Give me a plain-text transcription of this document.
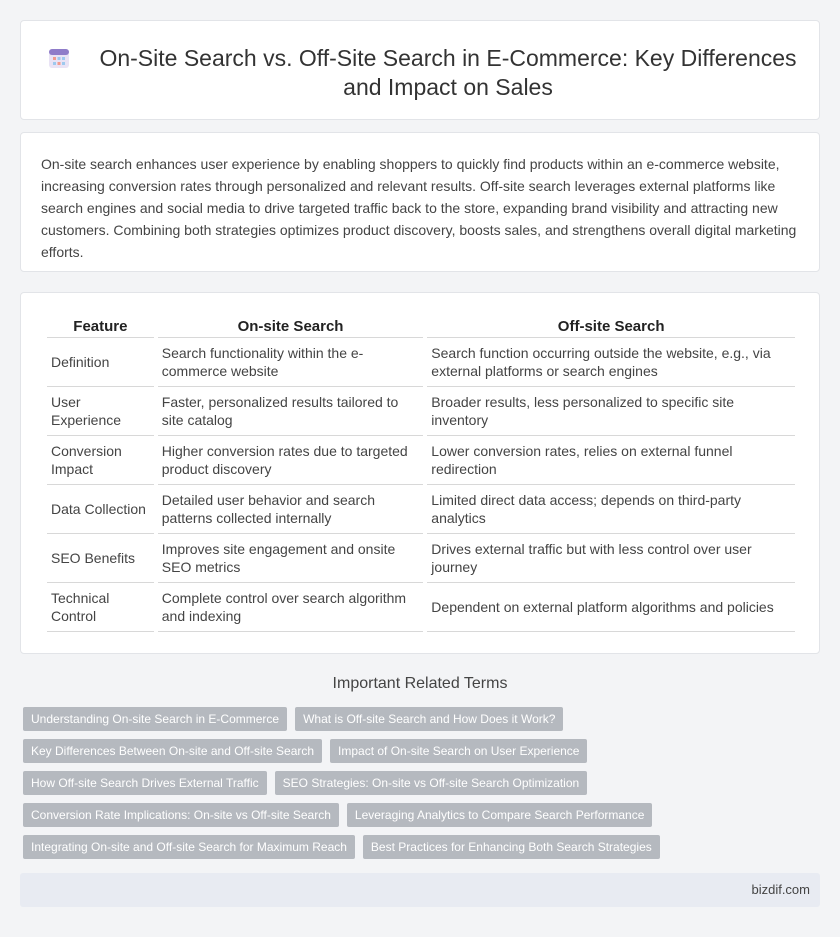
On-Site Search vs. Off-Site Search in E-Commerce: Key Differences and Impact on Sales

On-site search enhances user experience by enabling shoppers to quickly find products within an e-commerce website, increasing conversion rates through personalized and relevant results. Off-site search leverages external platforms like search engines and social media to drive targeted traffic back to the store, expanding brand visibility and attracting new customers. Combining both strategies optimizes product discovery, boosts sales, and strengthens overall digital marketing efforts.

Feature	On-site Search	Off-site Search
Definition	Search functionality within the e-commerce website	Search function occurring outside the website, e.g., via external platforms or search engines
User Experience	Faster, personalized results tailored to site catalog	Broader results, less personalized to specific site inventory
Conversion Impact	Higher conversion rates due to targeted product discovery	Lower conversion rates, relies on external funnel redirection
Data Collection	Detailed user behavior and search patterns collected internally	Limited direct data access; depends on third-party analytics
SEO Benefits	Improves site engagement and onsite SEO metrics	Drives external traffic but with less control over user journey
Technical Control	Complete control over search algorithm and indexing	Dependent on external platform algorithms and policies
Important Related Terms
Understanding On-site Search in E-Commerce	What is Off-site Search and How Does it Work?
Key Differences Between On-site and Off-site Search	Impact of On-site Search on User Experience
How Off-site Search Drives External Traffic	SEO Strategies: On-site vs Off-site Search Optimization
Conversion Rate Implications: On-site vs Off-site Search	Leveraging Analytics to Compare Search Performance
Integrating On-site and Off-site Search for Maximum Reach	Best Practices for Enhancing Both Search Strategies
bizdif.com
